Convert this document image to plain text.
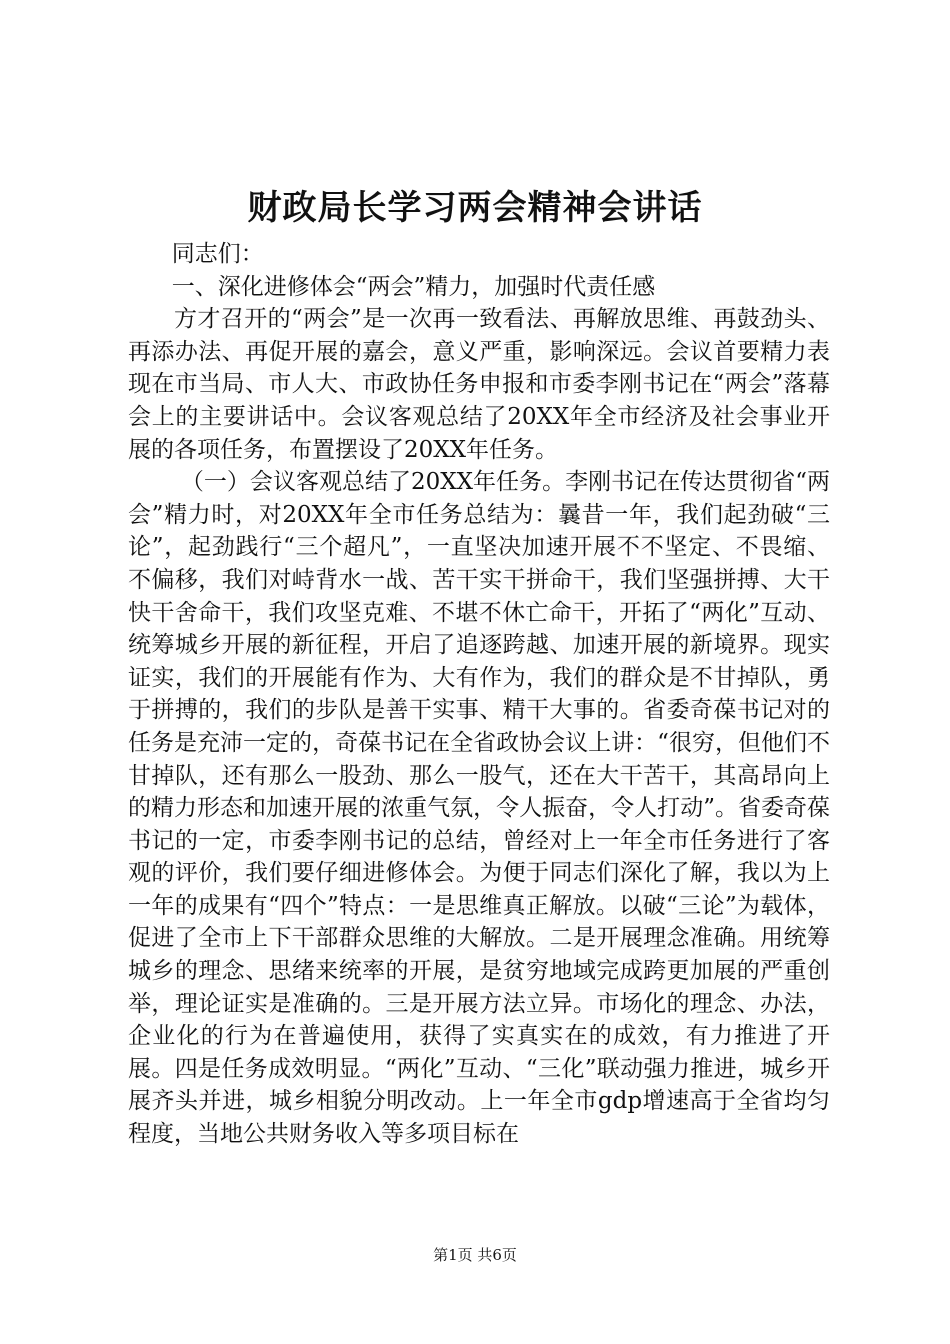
财政局长学习两会精神会讲话

同志们：

一、深化进修体会“两会”精力，加强时代责任感

方才召开的“两会”是一次再一致看法、再解放思维、再鼓劲头、再添办法、再促开展的嘉会，意义严重，影响深远。会议首要精力表现在市当局、市人大、市政协任务申报和市委李刚书记在“两会”落幕会上的主要讲话中。会议客观总结了20XX年全市经济及社会事业开展的各项任务，布置摆设了20XX年任务。

（一）会议客观总结了20XX年任务。李刚书记在传达贯彻省“两会”精力时，对20XX年全市任务总结为：曩昔一年，我们起劲破“三论”，起劲践行“三个超凡”，一直坚决加速开展不不坚定、不畏缩、不偏移，我们对峙背水一战、苦干实干拼命干，我们坚强拼搏、大干快干舍命干，我们攻坚克难、不堪不休亡命干，开拓了“两化”互动、统筹城乡开展的新征程，开启了追逐跨越、加速开展的新境界。现实证实，我们的开展能有作为、大有作为，我们的群众是不甘掉队，勇于拼搏的，我们的步队是善干实事、精干大事的。省委奇葆书记对的任务是充沛一定的，奇葆书记在全省政协会议上讲：“很穷，但他们不甘掉队，还有那么一股劲、那么一股气，还在大干苦干，其高昂向上的精力形态和加速开展的浓重气氛，令人振奋，令人打动”。省委奇葆书记的一定，市委李刚书记的总结，曾经对上一年全市任务进行了客观的评价，我们要仔细进修体会。为便于同志们深化了解，我以为上一年的成果有“四个”特点：一是思维真正解放。以破“三论”为载体，促进了全市上下干部群众思维的大解放。二是开展理念准确。用统筹城乡的理念、思绪来统率的开展，是贫穷地域完成跨更加展的严重创举，理论证实是准确的。三是开展方法立异。市场化的理念、办法，企业化的行为在普遍使用，获得了实真实在的成效，有力推进了开展。四是任务成效明显。“两化”互动、“三化”联动强力推进，城乡开展齐头并进，城乡相貌分明改动。上一年全市gdp增速高于全省均匀程度，当地公共财务收入等多项目标在

第1页 共6页
